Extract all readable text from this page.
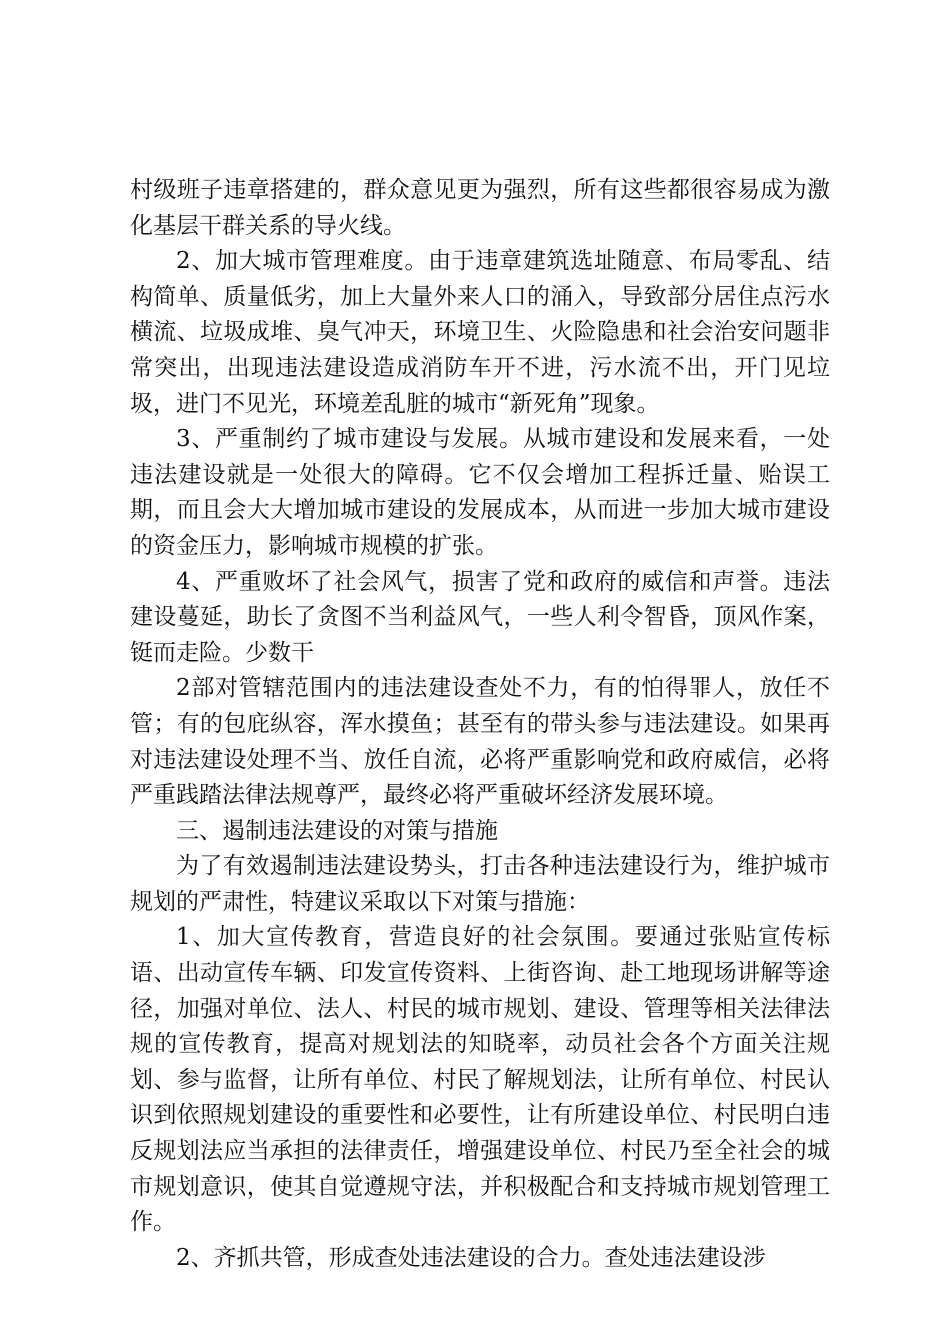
村级班子违章搭建的，群众意见更为强烈，所有这些都很容易成为激化基层干群关系的导火线。

2、加大城市管理难度。由于违章建筑选址随意、布局零乱、结构简单、质量低劣，加上大量外来人口的涌入，导致部分居住点污水横流、垃圾成堆、臭气冲天，环境卫生、火险隐患和社会治安问题非常突出，出现违法建设造成消防车开不进，污水流不出，开门见垃圾，进门不见光，环境差乱脏的城市“新死角”现象。

3、严重制约了城市建设与发展。从城市建设和发展来看，一处违法建设就是一处很大的障碍。它不仅会增加工程拆迁量、贻误工期，而且会大大增加城市建设的发展成本，从而进一步加大城市建设的资金压力，影响城市规模的扩张。

4、严重败坏了社会风气，损害了党和政府的威信和声誉。违法建设蔓延，助长了贪图不当利益风气，一些人利令智昏，顶风作案，铤而走险。少数干

2部对管辖范围内的违法建设查处不力，有的怕得罪人，放任不管；有的包庇纵容，浑水摸鱼；甚至有的带头参与违法建设。如果再对违法建设处理不当、放任自流，必将严重影响党和政府威信，必将严重践踏法律法规尊严，最终必将严重破坏经济发展环境。

三、遏制违法建设的对策与措施

为了有效遏制违法建设势头，打击各种违法建设行为，维护城市规划的严肃性，特建议采取以下对策与措施：

1、加大宣传教育，营造良好的社会氛围。要通过张贴宣传标语、出动宣传车辆、印发宣传资料、上街咨询、赴工地现场讲解等途径，加强对单位、法人、村民的城市规划、建设、管理等相关法律法规的宣传教育，提高对规划法的知晓率，动员社会各个方面关注规划、参与监督，让所有单位、村民了解规划法，让所有单位、村民认识到依照规划建设的重要性和必要性，让有所建设单位、村民明白违反规划法应当承担的法律责任，增强建设单位、村民乃至全社会的城市规划意识，使其自觉遵规守法，并积极配合和支持城市规划管理工作。

2、齐抓共管，形成查处违法建设的合力。查处违法建设涉
